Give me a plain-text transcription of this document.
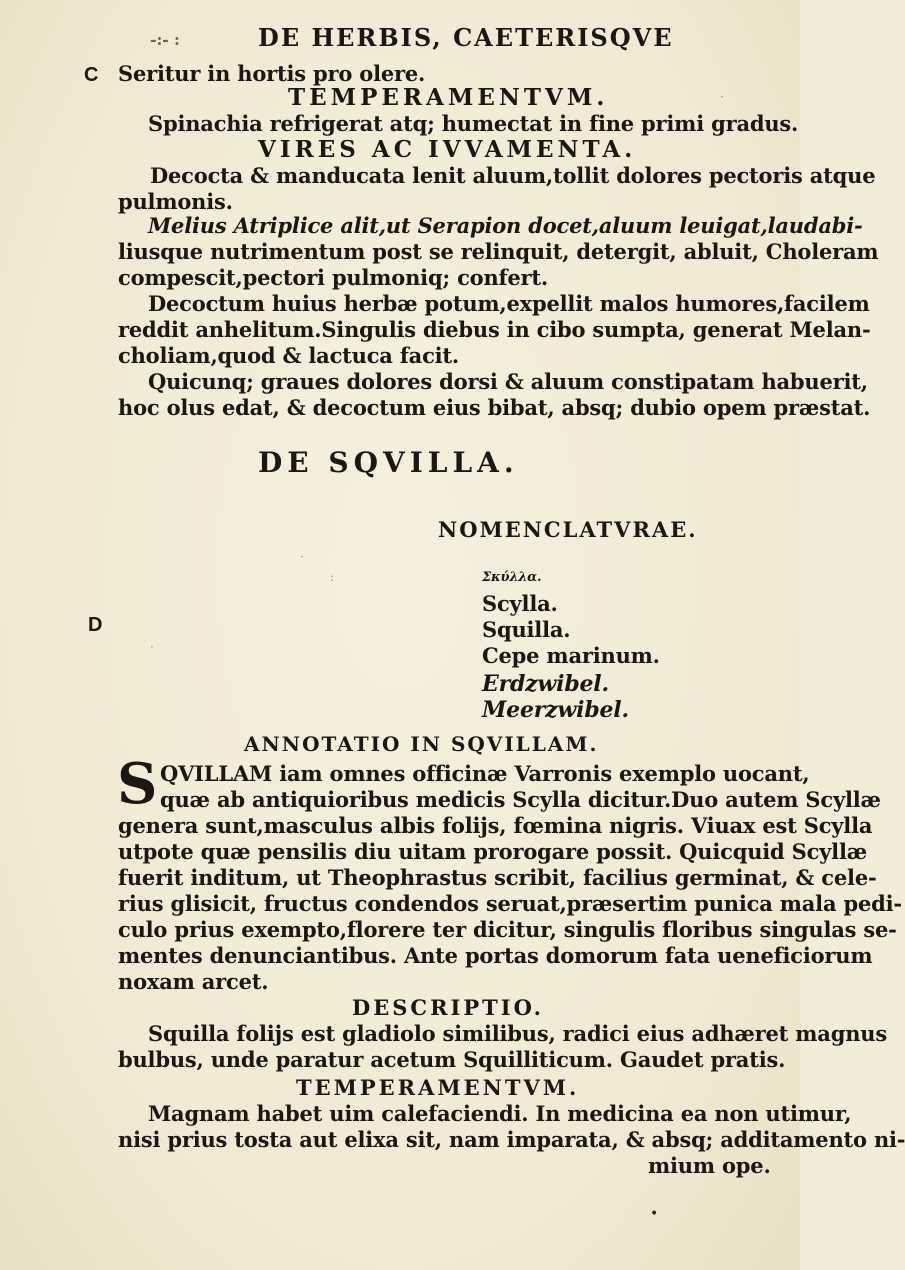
-:- :	DE HERBIS, CAETERISQVE
C Seritur in hortis pro olere.
TEMPERAMENTVM.
Spinachia refrigerat atq; humectat in fine primi gradus.
VIRES AC IVVAMENTA.
Decocta & manducata lenit aluum,tollit dolores pectoris atque
pulmonis.
Melius Atriplice alit,ut Serapion docet,aluum leuigat,laudabi-
liusque nutrimentum post se relinquit, detergit, abluit, Choleram
compescit,pectori pulmoniq; confert.
Decoctum huius herbæ potum,expellit malos humores,facilem
reddit anhelitum.Singulis diebus in cibo sumpta, generat Melan-
choliam,quod & lactuca facit.
Quicunq; graues dolores dorsi & aluum constipatam habuerit,
hoc olus edat, & decoctum eius bibat, absq; dubio opem præstat.
DE SQVILLA.
NOMENCLATVRAE.
D
Σκύλλα.
Scylla.
Squilla.
Cepe marinum.
Erdzwibel.
Meerzwibel.
ANNOTATIO IN SQVILLAM.
S QVILLAM iam omnes officinæ Varronis exemplo uocant,
quæ ab antiquioribus medicis Scylla dicitur.Duo autem Scyllæ
genera sunt,masculus albis folijs, fœmina nigris. Viuax est Scylla
utpote quæ pensilis diu uitam prorogare possit. Quicquid Scyllæ
fuerit inditum, ut Theophrastus scribit, facilius germinat, & cele-
rius glisicit, fructus condendos seruat,præsertim punica mala pedi-
culo prius exempto,florere ter dicitur, singulis floribus singulas se-
mentes denunciantibus. Ante portas domorum fata ueneficiorum
noxam arcet.
DESCRIPTIO.
Squilla folijs est gladiolo similibus, radici eius adhæret magnus
bulbus, unde paratur acetum Squilliticum. Gaudet pratis.
TEMPERAMENTVM.
Magnam habet uim calefaciendi. In medicina ea non utimur,
nisi prius tosta aut elixa sit, nam imparata, & absq; additamento ni-
mium ope.
•
·
:
·
·
